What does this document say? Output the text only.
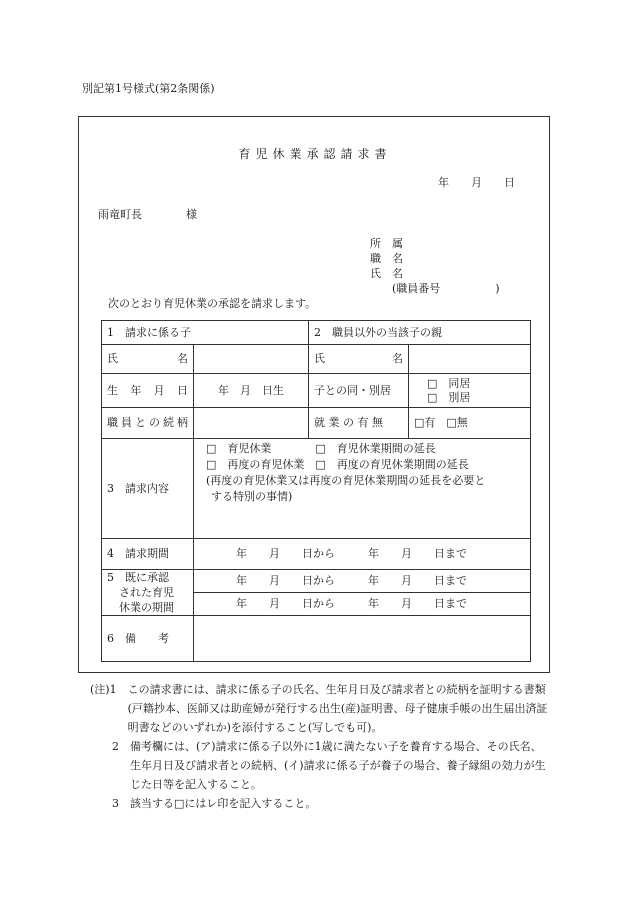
別記第1号様式(第2条関係)
育児休業承認請求書
年　　月　　日
雨竜町長　　　　様
所　属
職　名
氏　名
(職員番号　　　　　)
次のとおり育児休業の承認を請求します。
1　請求に係る子		2　職員以外の当該子の親	
氏　　　　名		氏　　　　名	
生　年　月　日	年　月　日生	子との同・別居	□　同居
□　別居

職員との続柄		就 業 の 有 無	□有　□無
3　請求内容	□　育児休業　　　　□　育児休業期間の延長
□　再度の育児休業　□　再度の育児休業期間の延長
(再度の育児休業又は再度の育児休業期間の延長を必要と
する特別の事情)		

4　請求期間	年　　月　　日から　　　年　　月　　日まで		

5　既に承認
された育児
休業の期間	年　　月　　日から　　　年　　月　　日まで		
	年　　月　　日から　　　年　　月　　日まで		
6　備　　考			
(注)1　 この請求書には、請求に係る子の氏名、生年月日及び請求者との続柄を証明する書類(戸籍抄本、医師又は助産婦が発行する出生(産)証明書、母子健康手帳の出生届出済証明書などのいずれか)を添付すること(写しでも可)。
　　2　 備考欄には、(ア)請求に係る子以外に1歳に満たない子を養育する場合、その氏名、生年月日及び請求者との続柄、(イ)請求に係る子が養子の場合、養子縁組の効力が生じた日等を記入すること。
　　3　 該当する□にはレ印を記入すること。
